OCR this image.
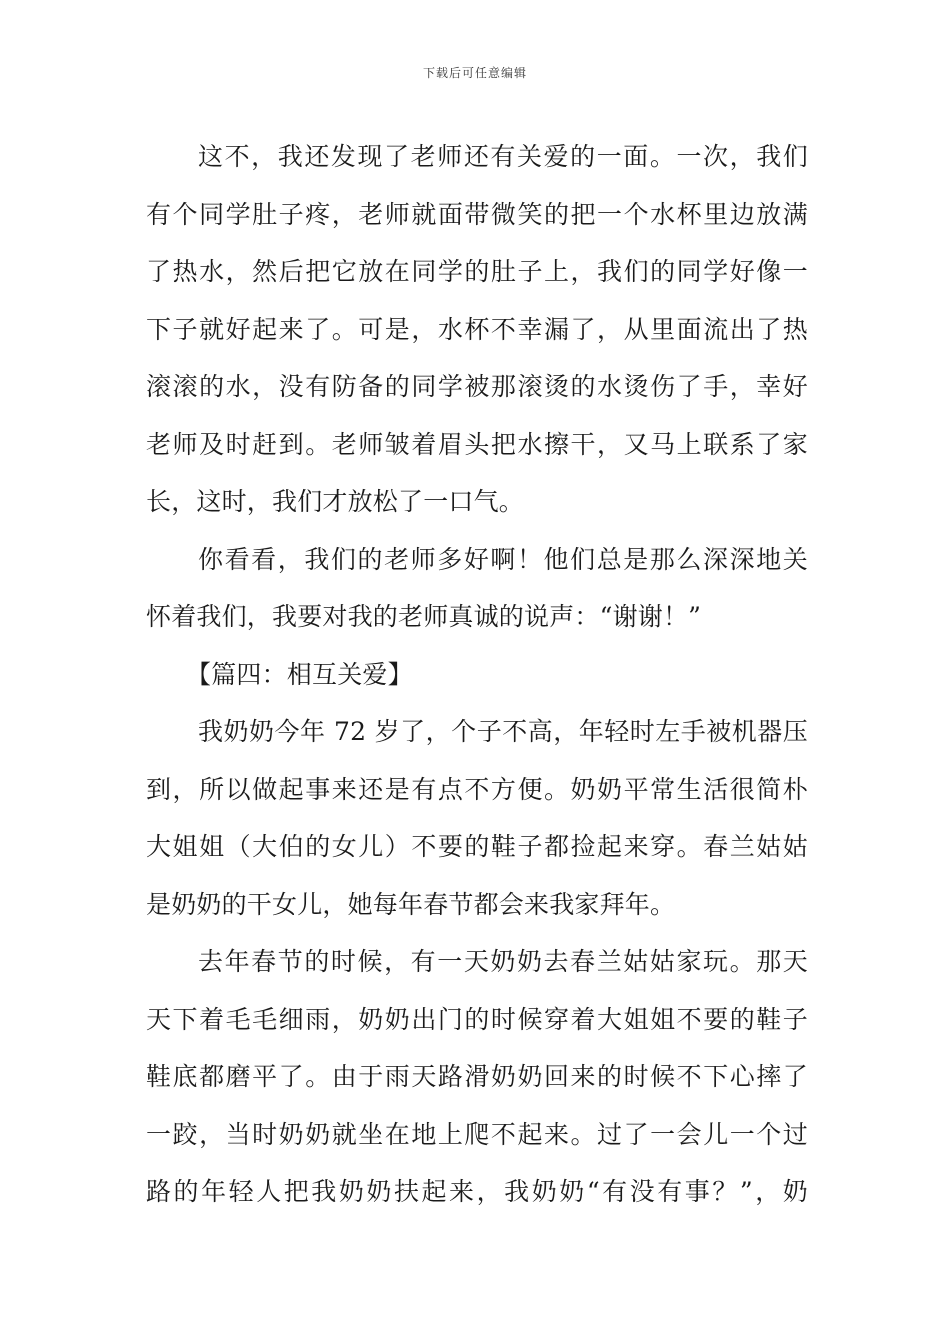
下载后可任意编辑
这不，我还发现了老师还有关爱的一面。一次，我们
有个同学肚子疼，老师就面带微笑的把一个水杯里边放满
了热水，然后把它放在同学的肚子上，我们的同学好像一
下子就好起来了。可是，水杯不幸漏了，从里面流出了热
滚滚的水，没有防备的同学被那滚烫的水烫伤了手，幸好
老师及时赶到。老师皱着眉头把水擦干，又马上联系了家
长，这时，我们才放松了一口气。
你看看，我们的老师多好啊！他们总是那么深深地关
怀着我们，我要对我的老师真诚的说声：“谢谢！”
【篇四：相互关爱】
我奶奶今年 72 岁了，个子不高，年轻时左手被机器压
到，所以做起事来还是有点不方便。奶奶平常生活很简朴
大姐姐（大伯的女儿）不要的鞋子都捡起来穿。春兰姑姑
是奶奶的干女儿，她每年春节都会来我家拜年。
去年春节的时候，有一天奶奶去春兰姑姑家玩。那天
天下着毛毛细雨，奶奶出门的时候穿着大姐姐不要的鞋子
鞋底都磨平了。由于雨天路滑奶奶回来的时候不下心摔了
一跤，当时奶奶就坐在地上爬不起来。过了一会儿一个过
路的年轻人把我奶奶扶起来，我奶奶“有没有事？”，奶
